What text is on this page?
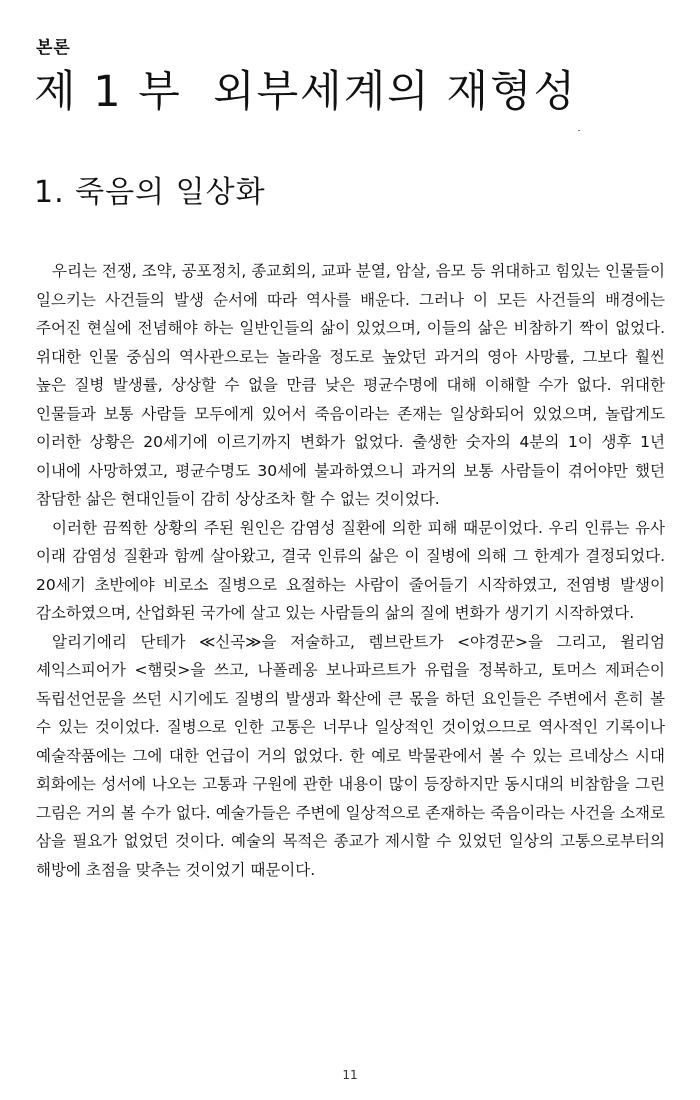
본론
제 1 부  외부세계의 재형성
1. 죽음의 일상화

우리는 전쟁, 조약, 공포정치, 종교회의, 교파 분열, 암살, 음모 등 위대하고 힘있는 인물들이 일으키는 사건들의 발생 순서에 따라 역사를 배운다. 그러나 이 모든 사건들의 배경에는 주어진 현실에 전념해야 하는 일반인들의 삶이 있었으며, 이들의 삶은 비참하기 짝이 없었다. 위대한 인물 중심의 역사관으로는 놀라울 정도로 높았던 과거의 영아 사망률, 그보다 훨씬 높은 질병 발생률, 상상할 수 없을 만큼 낮은 평균수명에 대해 이해할 수가 없다. 위대한 인물들과 보통 사람들 모두에게 있어서 죽음이라는 존재는 일상화되어 있었으며, 놀랍게도 이러한 상황은 20세기에 이르기까지 변화가 없었다. 출생한 숫자의 4분의 1이 생후 1년 이내에 사망하였고, 평균수명도 30세에 불과하였으니 과거의 보통 사람들이 겪어야만 했던 참담한 삶은 현대인들이 감히 상상조차 할 수 없는 것이었다.

이러한 끔찍한 상황의 주된 원인은 감염성 질환에 의한 피해 때문이었다. 우리 인류는 유사 이래 감염성 질환과 함께 살아왔고, 결국 인류의 삶은 이 질병에 의해 그 한계가 결정되었다. 20세기 초반에야 비로소 질병으로 요절하는 사람이 줄어들기 시작하였고, 전염병 발생이 감소하였으며, 산업화된 국가에 살고 있는 사람들의 삶의 질에 변화가 생기기 시작하였다.

알리기에리 단테가 ≪신곡≫을 저술하고, 렘브란트가 <야경꾼>을 그리고, 윌리엄 셰익스피어가 <햄릿>을 쓰고, 나폴레옹 보나파르트가 유럽을 정복하고, 토머스 제퍼슨이 독립선언문을 쓰던 시기에도 질병의 발생과 확산에 큰 몫을 하던 요인들은 주변에서 흔히 볼 수 있는 것이었다. 질병으로 인한 고통은 너무나 일상적인 것이었으므로 역사적인 기록이나 예술작품에는 그에 대한 언급이 거의 없었다. 한 예로 박물관에서 볼 수 있는 르네상스 시대 회화에는 성서에 나오는 고통과 구원에 관한 내용이 많이 등장하지만 동시대의 비참함을 그린 그림은 거의 볼 수가 없다. 예술가들은 주변에 일상적으로 존재하는 죽음이라는 사건을 소재로 삼을 필요가 없었던 것이다. 예술의 목적은 종교가 제시할 수 있었던 일상의 고통으로부터의 해방에 초점을 맞추는 것이었기 때문이다.

11
